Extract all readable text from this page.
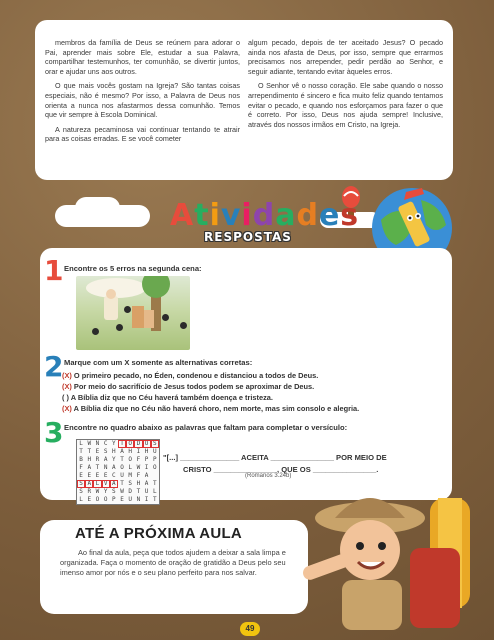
membros da família de Deus se reúnem para adorar o Pai, aprender mais sobre Ele, estudar a sua Palavra, compartilhar testemunhos, ter comunhão, se divertir juntos, orar e ajudar uns aos outros.

O que mais vocês gostam na Igreja? São tantas coisas especiais, não é mesmo? Por isso, a Palavra de Deus nos orienta a nunca nos afastarmos dessa comunhão. Temos que vir sempre à Escola Dominical.

A natureza pecaminosa vai continuar tentando te atrair para as coisas erradas. E se você cometer

algum pecado, depois de ter aceitado Jesus? O pecado ainda nos afasta de Deus, por isso, sempre que errarmos precisamos nos arrepender, pedir perdão ao Senhor, e seguir adiante, tentando evitar àqueles erros.

O Senhor vê o nosso coração. Ele sabe quando o nosso arrependimento é sincero e fica muito feliz quando tentamos evitar o pecado, e quando nos esforçamos para fazer o que é correto. Por isso, Deus nos ajuda sempre! Inclusive, através dos nossos irmãos em Cristo, na Igreja.

Atividades
RESPOSTAS
1 Encontre os 5 erros na segunda cena:
2 Marque com um X somente as alternativas corretas:
(X) O primeiro pecado, no Éden, condenou e distanciou a todos de Deus.
(X) Por meio do sacrifício de Jesus todos podem se aproximar de Deus.
( ) A Bíblia diz que no Céu haverá também doença e tristeza.
(X) A Bíblia diz que no Céu não haverá choro, nem morte, mas sim consolo e alegria.
3 Encontre no quadro abaixo as palavras que faltam para completar o versículo:
L W N C Y T O D O S
T T E S H A H I H U
B H R A Y T O F P P
F A T N A O L W I O
E E E E C U M F A
S A L V A T S H A T
S R W Y S W D T U L
L E O O P E U N I T
"[...] ______________ ACEITA _______________ POR MEIO DE
CRISTO _______________, QUE OS _______________.
(Romanos 3.24b)
ATÉ A PRÓXIMA AULA
Ao final da aula, peça que todos ajudem a deixar a sala limpa e organizada. Faça o momento de oração de gratidão a Deus pelo seu imenso amor por nós e o seu plano perfeito para nos salvar.
49
